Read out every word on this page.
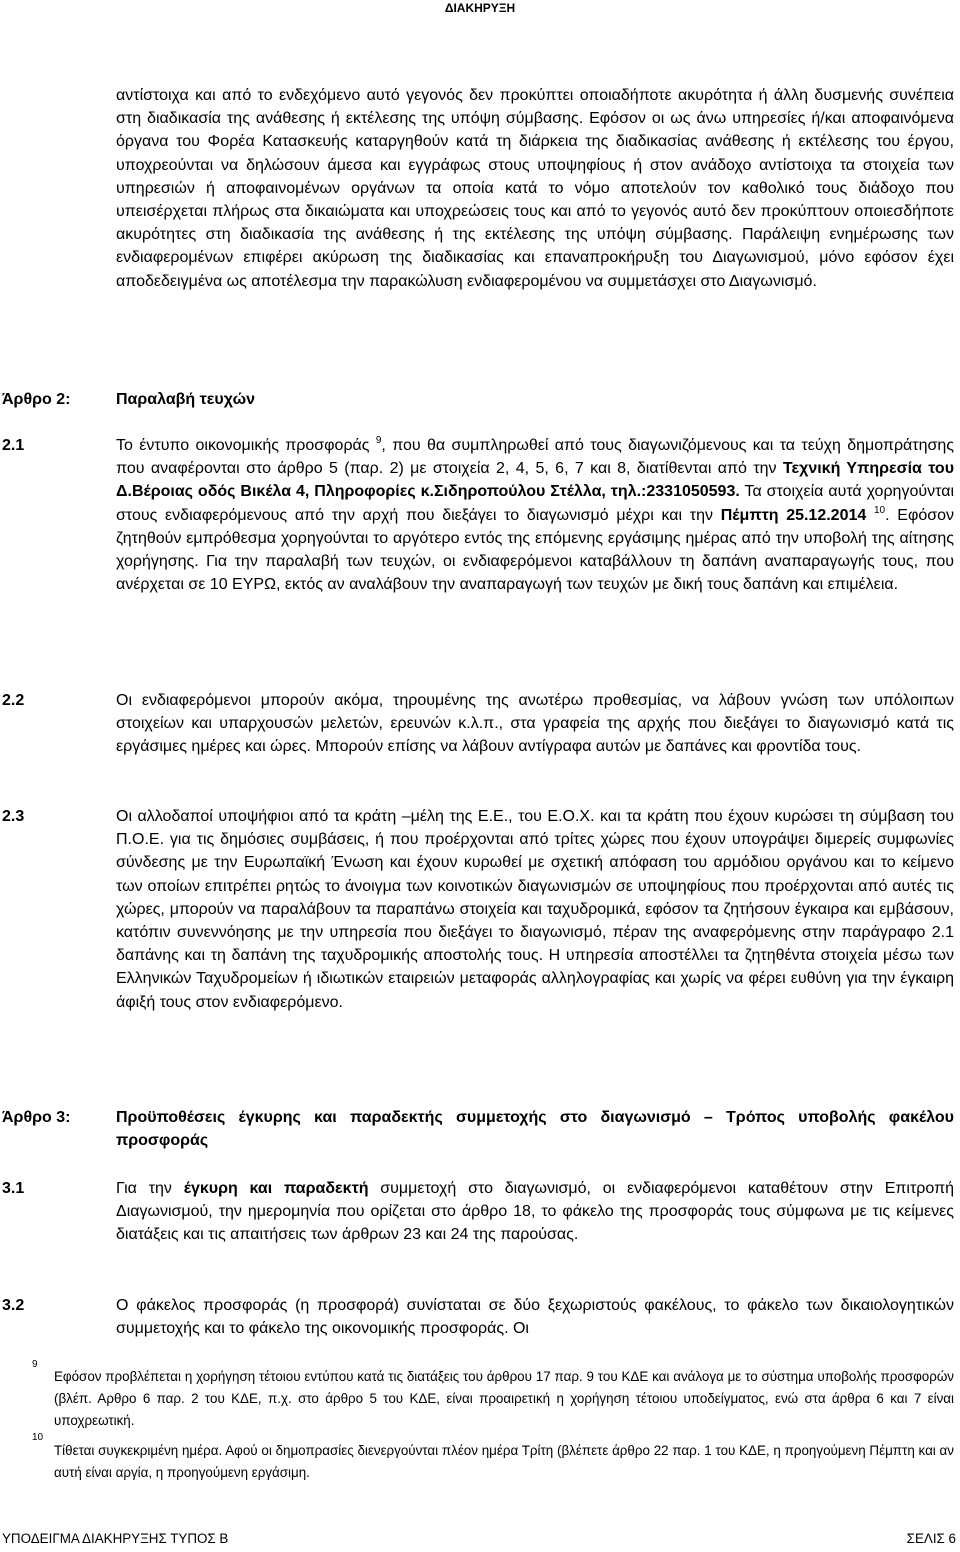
ΔΙΑΚΗΡΥΞΗ
αντίστοιχα και από το ενδεχόμενο αυτό γεγονός δεν προκύπτει οποιαδήποτε ακυρότητα ή άλλη δυσμενής συνέπεια στη διαδικασία της ανάθεσης ή εκτέλεσης της υπόψη σύμβασης. Εφόσον οι ως άνω υπηρεσίες ή/και αποφαινόμενα όργανα του Φορέα Κατασκευής καταργηθούν κατά τη διάρκεια της διαδικασίας ανάθεσης ή εκτέλεσης του έργου, υποχρεούνται να δηλώσουν άμεσα και εγγράφως στους υποψηφίους ή στον ανάδοχο αντίστοιχα τα στοιχεία των υπηρεσιών ή αποφαινομένων οργάνων τα οποία κατά το νόμο αποτελούν τον καθολικό τους διάδοχο που υπεισέρχεται πλήρως στα δικαιώματα και υποχρεώσεις τους και από το γεγονός αυτό δεν προκύπτουν οποιεσδήποτε ακυρότητες στη διαδικασία της ανάθεσης ή της εκτέλεσης της υπόψη σύμβασης. Παράλειψη ενημέρωσης των ενδιαφερομένων επιφέρει ακύρωση της διαδικασίας και επαναπροκήρυξη του Διαγωνισμού, μόνο εφόσον έχει αποδεδειγμένα ως αποτέλεσμα την παρακώλυση ενδιαφερομένου να συμμετάσχει στο Διαγωνισμό.
Άρθρο 2:	Παραλαβή τευχών
2.1	Το έντυπο οικονομικής προσφοράς $^9$, που θα συμπληρωθεί από τους διαγωνιζόμενους και τα τεύχη δημοπράτησης που αναφέρονται στο άρθρο 5 (παρ. 2) με στοιχεία 2, 4, 5, 6, 7 και 8, διατίθενται από την Τεχνική Υπηρεσία του Δ.Βέροιας οδός Βικέλα 4, Πληροφορίες κ.Σιδηροπούλου Στέλλα, τηλ.:2331050593. Τα στοιχεία αυτά χορηγούνται στους ενδιαφερόμενους από την αρχή που διεξάγει το διαγωνισμό μέχρι και την Πέμπτη 25.12.2014 $^{10}$. Εφόσον ζητηθούν εμπρόθεσμα χορηγούνται το αργότερο εντός της επόμενης εργάσιμης ημέρας από την υποβολή της αίτησης χορήγησης. Για την παραλαβή των τευχών, οι ενδιαφερόμενοι καταβάλλουν τη δαπάνη αναπαραγωγής τους, που ανέρχεται σε 10 ΕΥΡΩ, εκτός αν αναλάβουν την αναπαραγωγή των τευχών με δική τους δαπάνη και επιμέλεια.
2.2	Οι ενδιαφερόμενοι μπορούν ακόμα, τηρουμένης της ανωτέρω προθεσμίας, να λάβουν γνώση των υπόλοιπων στοιχείων και υπαρχουσών μελετών, ερευνών κ.λ.π., στα γραφεία της αρχής που διεξάγει το διαγωνισμό κατά τις εργάσιμες ημέρες και ώρες. Μπορούν επίσης να λάβουν αντίγραφα αυτών με δαπάνες και φροντίδα τους.
2.3	Οι αλλοδαποί υποψήφιοι από τα κράτη –μέλη της Ε.Ε., του Ε.Ο.Χ. και τα κράτη που έχουν κυρώσει τη σύμβαση του Π.Ο.Ε. για τις δημόσιες συμβάσεις, ή που προέρχονται από τρίτες χώρες που έχουν υπογράψει διμερείς συμφωνίες σύνδεσης με την Ευρωπαϊκή Ένωση και έχουν κυρωθεί με σχετική απόφαση του αρμόδιου οργάνου και το κείμενο των οποίων επιτρέπει ρητώς το άνοιγμα των κοινοτικών διαγωνισμών σε υποψηφίους που προέρχονται από αυτές τις χώρες, μπορούν να παραλάβουν τα παραπάνω στοιχεία και ταχυδρομικά, εφόσον τα ζητήσουν έγκαιρα και εμβάσουν, κατόπιν συνεννόησης με την υπηρεσία που διεξάγει το διαγωνισμό, πέραν της αναφερόμενης στην παράγραφο 2.1 δαπάνης και τη δαπάνη της ταχυδρομικής αποστολής τους. Η υπηρεσία αποστέλλει τα ζητηθέντα στοιχεία μέσω των Ελληνικών Ταχυδρομείων ή ιδιωτικών εταιρειών μεταφοράς αλληλογραφίας και χωρίς να φέρει ευθύνη για την έγκαιρη άφιξή τους στον ενδιαφερόμενο.
Άρθρο 3:	Προϋποθέσεις έγκυρης και παραδεκτής συμμετοχής στο διαγωνισμό – Τρόπος υποβολής φακέλου προσφοράς
3.1	Για την έγκυρη και παραδεκτή συμμετοχή στο διαγωνισμό, οι ενδιαφερόμενοι καταθέτουν στην Επιτροπή Διαγωνισμού, την ημερομηνία που ορίζεται στο άρθρο 18, το φάκελο της προσφοράς τους σύμφωνα με τις κείμενες διατάξεις και τις απαιτήσεις των άρθρων 23 και 24 της παρούσας.
3.2	Ο φάκελος προσφοράς (η προσφορά) συνίσταται σε δύο ξεχωριστούς φακέλους, το φάκελο των δικαιολογητικών συμμετοχής και το φάκελο της οικονομικής προσφοράς. Οι
9
Εφόσον προβλέπεται η χορήγηση τέτοιου εντύπου κατά τις διατάξεις του άρθρου 17 παρ. 9 του ΚΔΕ και ανάλογα με το σύστημα υποβολής προσφορών (βλέπ. Αρθρο 6 παρ. 2 του ΚΔΕ, π.χ. στο άρθρο 5 του ΚΔΕ, είναι προαιρετική η χορήγηση τέτοιου υποδείγματος, ενώ στα άρθρα 6 και 7 είναι υποχρεωτική.
10
Τίθεται συγκεκριμένη ημέρα. Αφού οι δημοπρασίες διενεργούνται πλέον ημέρα Τρίτη (βλέπετε άρθρο 22 παρ. 1 του ΚΔΕ, η προηγούμενη Πέμπτη και αν αυτή είναι αργία, η προηγούμενη εργάσιμη.
ΥΠΟΔΕΙΓΜΑ ΔΙΑΚΗΡΥΞΗΣ ΤΥΠΟΣ Β	ΣΕΛΙΣ 6
